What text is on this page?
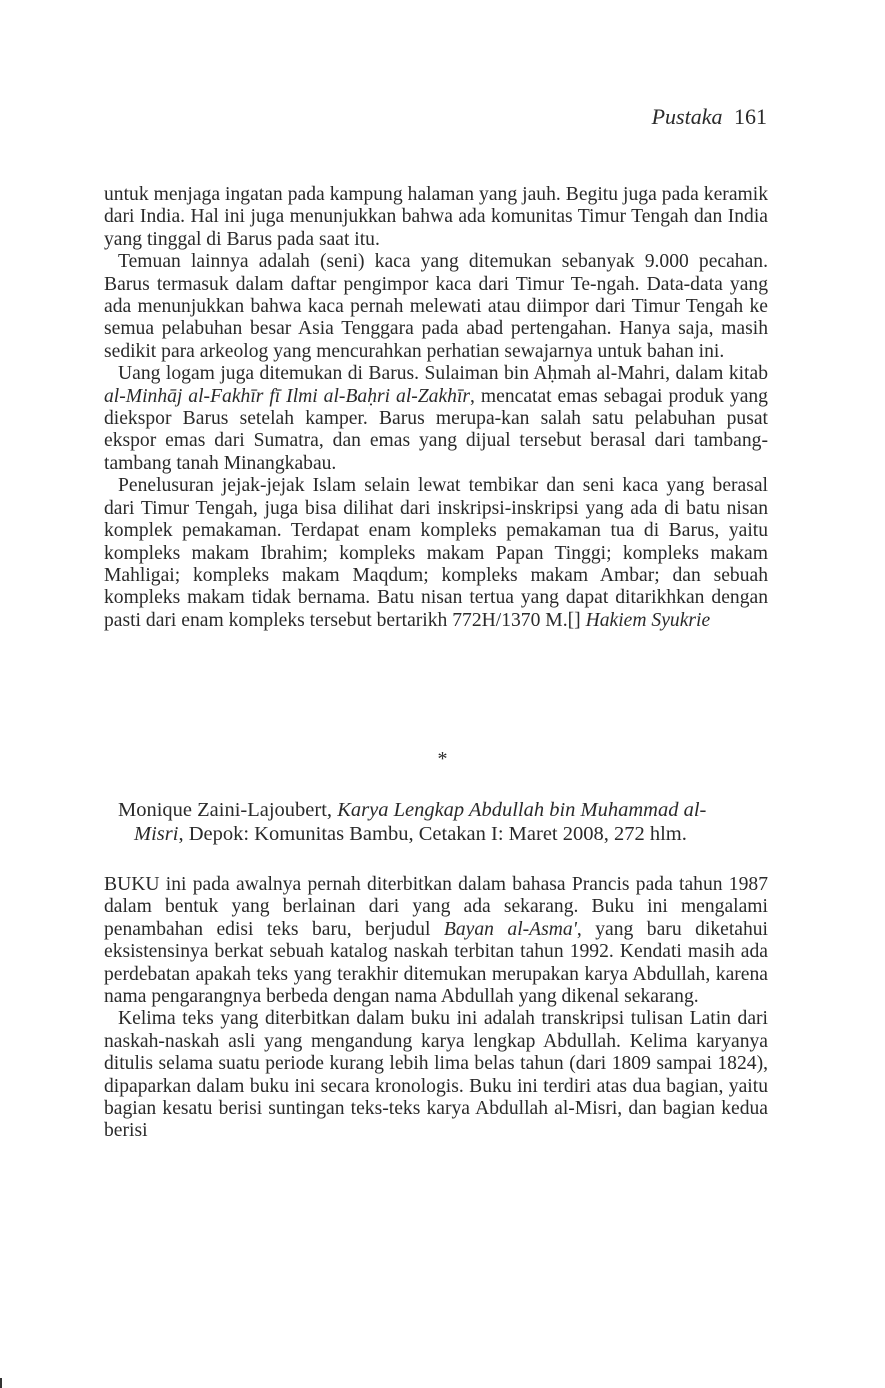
Pustaka 161

untuk menjaga ingatan pada kampung halaman yang jauh. Begitu juga pada keramik dari India. Hal ini juga menunjukkan bahwa ada komunitas Timur Tengah dan India yang tinggal di Barus pada saat itu.

Temuan lainnya adalah (seni) kaca yang ditemukan sebanyak 9.000 pecahan. Barus termasuk dalam daftar pengimpor kaca dari Timur Te-ngah. Data-data yang ada menunjukkan bahwa kaca pernah melewati atau diimpor dari Timur Tengah ke semua pelabuhan besar Asia Tenggara pada abad pertengahan. Hanya saja, masih sedikit para arkeolog yang mencurahkan perhatian sewajarnya untuk bahan ini.

Uang logam juga ditemukan di Barus. Sulaiman bin Aḥmah al-Mahri, dalam kitab al-Minhāj al-Fakhīr fī Ilmi al-Baḥri al-Zakhīr, mencatat emas sebagai produk yang diekspor Barus setelah kamper. Barus merupa-kan salah satu pelabuhan pusat ekspor emas dari Sumatra, dan emas yang dijual tersebut berasal dari tambang-tambang tanah Minangkabau.

Penelusuran jejak-jejak Islam selain lewat tembikar dan seni kaca yang berasal dari Timur Tengah, juga bisa dilihat dari inskripsi-inskripsi yang ada di batu nisan komplek pemakaman. Terdapat enam kompleks pemakaman tua di Barus, yaitu kompleks makam Ibrahim; kompleks makam Papan Tinggi; kompleks makam Mahligai; kompleks makam Maqdum; kompleks makam Ambar; dan sebuah kompleks makam tidak bernama. Batu nisan tertua yang dapat ditarikhkan dengan pasti dari enam kompleks tersebut bertarikh 772H/1370 M.[] Hakiem Syukrie

*
Monique Zaini-Lajoubert, Karya Lengkap Abdullah bin Muhammad al-
Misri, Depok: Komunitas Bambu, Cetakan I: Maret 2008, 272 hlm.

BUKU ini pada awalnya pernah diterbitkan dalam bahasa Prancis pada tahun 1987 dalam bentuk yang berlainan dari yang ada sekarang. Buku ini mengalami penambahan edisi teks baru, berjudul Bayan al-Asma', yang baru diketahui eksistensinya berkat sebuah katalog naskah terbitan tahun 1992. Kendati masih ada perdebatan apakah teks yang terakhir ditemukan merupakan karya Abdullah, karena nama pengarangnya berbeda dengan nama Abdullah yang dikenal sekarang.

Kelima teks yang diterbitkan dalam buku ini adalah transkripsi tulisan Latin dari naskah-naskah asli yang mengandung karya lengkap Abdullah. Kelima karyanya ditulis selama suatu periode kurang lebih lima belas tahun (dari 1809 sampai 1824), dipaparkan dalam buku ini secara kronologis. Buku ini terdiri atas dua bagian, yaitu bagian kesatu berisi suntingan teks-teks karya Abdullah al-Misri, dan bagian kedua berisi
